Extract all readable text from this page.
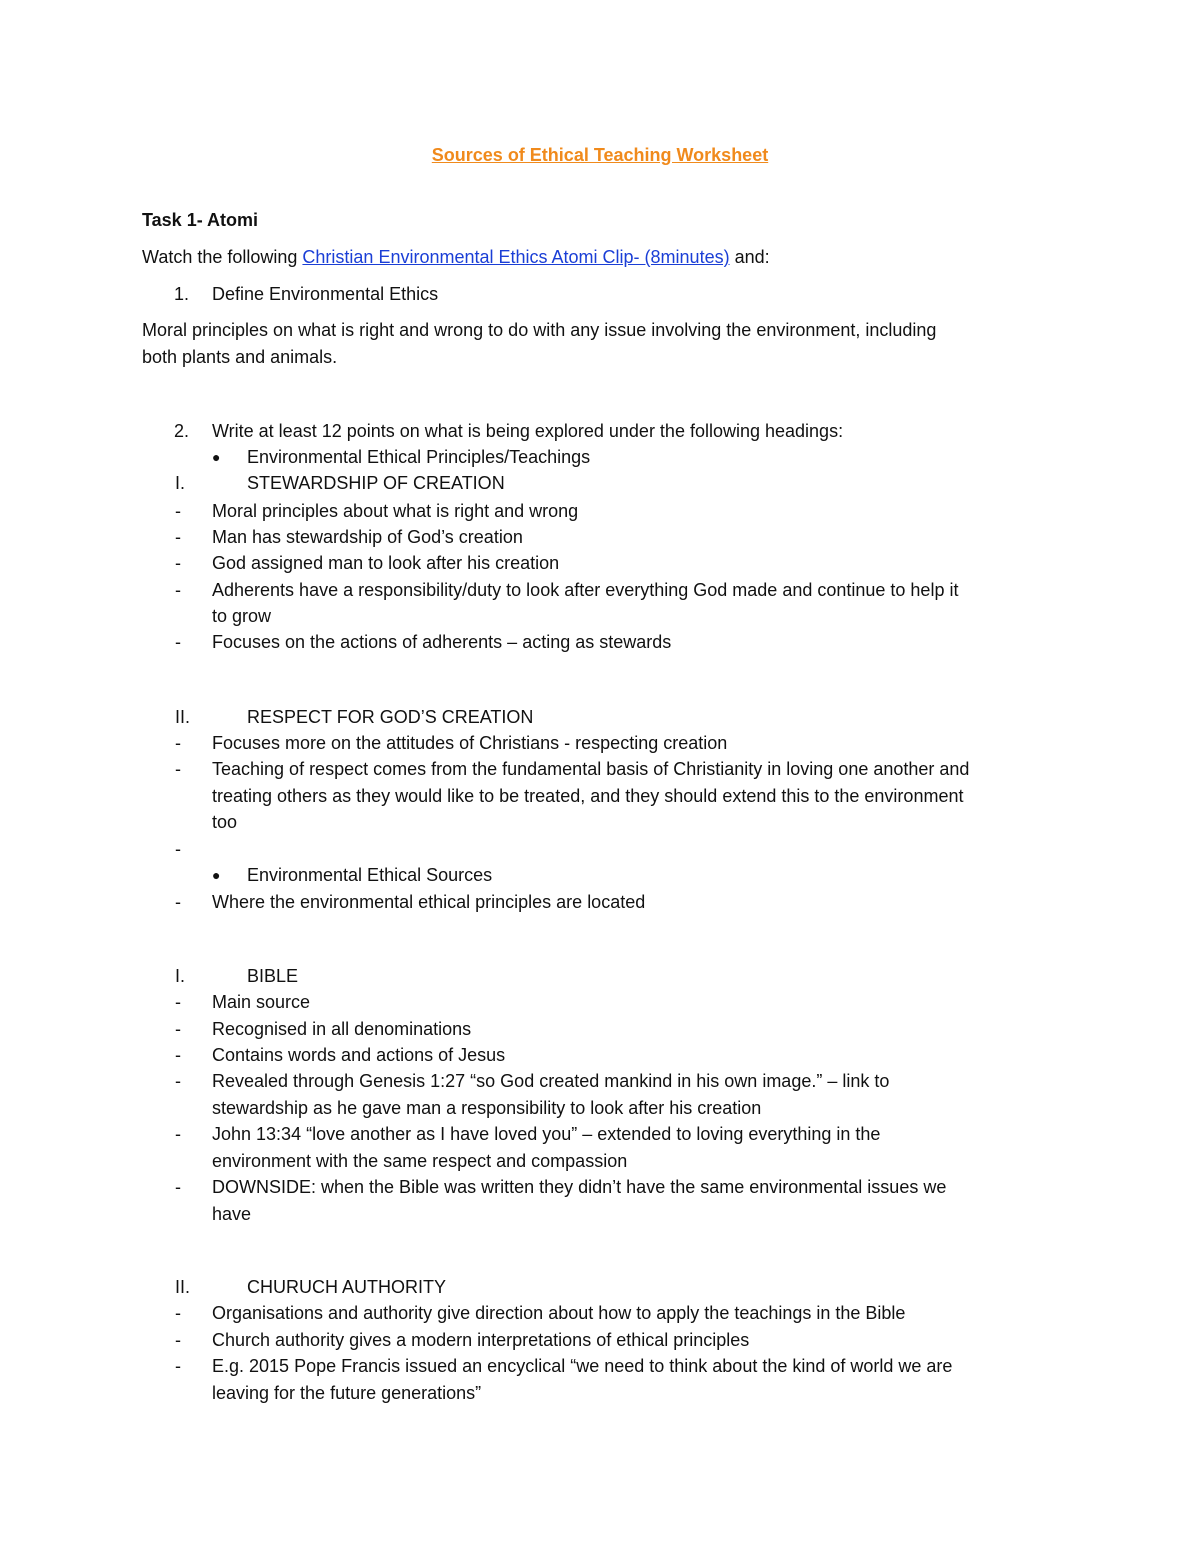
Sources of Ethical Teaching Worksheet
Task 1- Atomi
Watch the following Christian Environmental Ethics Atomi Clip- (8minutes) and:
1. Define Environmental Ethics
Moral principles on what is right and wrong to do with any issue involving the environment, including
both plants and animals.
2. Write at least 12 points on what is being explored under the following headings:
● Environmental Ethical Principles/Teachings
I.	STEWARDSHIP OF CREATION
- Moral principles about what is right and wrong
- Man has stewardship of God’s creation
- God assigned man to look after his creation
- Adherents have a responsibility/duty to look after everything God made and continue to help it
to grow
- Focuses on the actions of adherents – acting as stewards
II.	RESPECT FOR GOD’S CREATION
- Focuses more on the attitudes of Christians - respecting creation
- Teaching of respect comes from the fundamental basis of Christianity in loving one another and
treating others as they would like to be treated, and they should extend this to the environment
too
-
● Environmental Ethical Sources
- Where the environmental ethical principles are located
I.	BIBLE
- Main source
- Recognised in all denominations
- Contains words and actions of Jesus
- Revealed through Genesis 1:27 “so God created mankind in his own image.” – link to
stewardship as he gave man a responsibility to look after his creation
- John 13:34 “love another as I have loved you” – extended to loving everything in the
environment with the same respect and compassion
- DOWNSIDE: when the Bible was written they didn’t have the same environmental issues we
have
II.	CHURUCH AUTHORITY
- Organisations and authority give direction about how to apply the teachings in the Bible
- Church authority gives a modern interpretations of ethical principles
- E.g. 2015 Pope Francis issued an encyclical “we need to think about the kind of world we are
leaving for the future generations”
